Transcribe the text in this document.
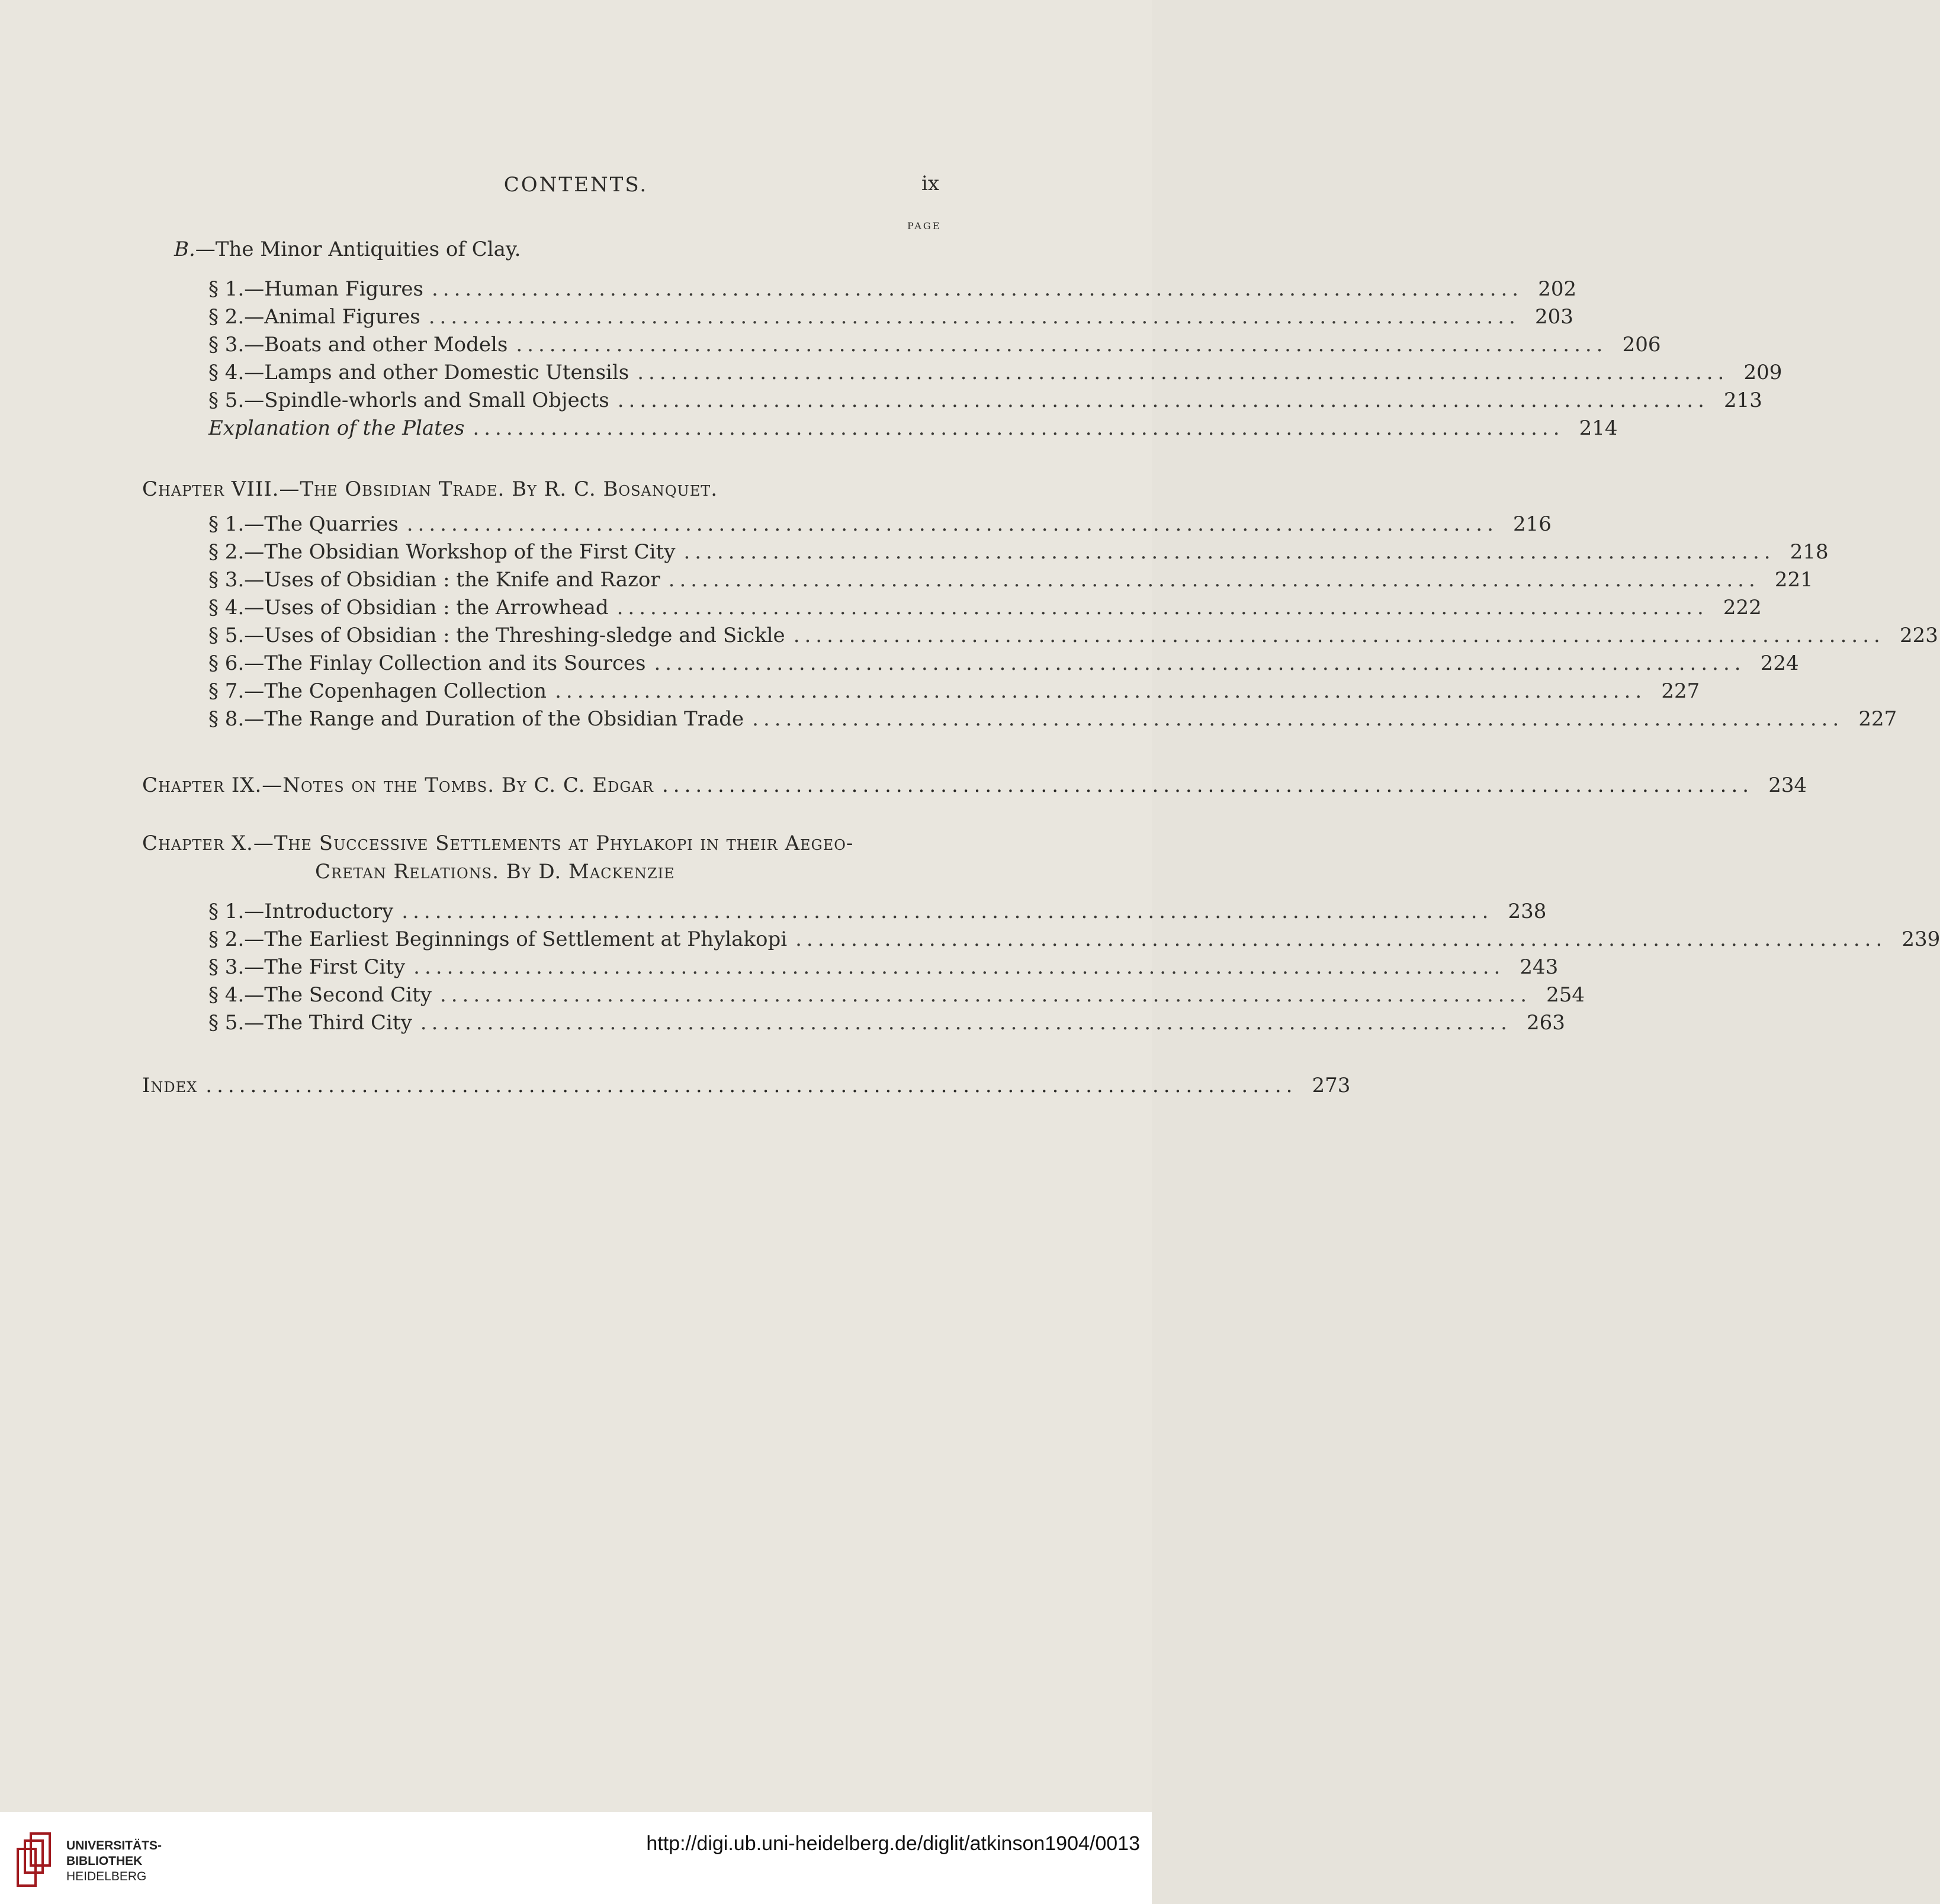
CONTENTS.	ix
PAGE
B.—The Minor Antiquities of Clay.
§ 1.—Human Figures .................................................................................................. 202
§ 2.—Animal Figures .................................................................................................. 203
§ 3.—Boats and other Models .................................................................................................. 206
§ 4.—Lamps and other Domestic Utensils .................................................................................................. 209
§ 5.—Spindle-whorls and Small Objects .................................................................................................. 213
Explanation of the Plates .................................................................................................. 214
Chapter VIII.—The Obsidian Trade. By R. C. Bosanquet.
§ 1.—The Quarries .................................................................................................. 216
§ 2.—The Obsidian Workshop of the First City .................................................................................................. 218
§ 3.—Uses of Obsidian : the Knife and Razor .................................................................................................. 221
§ 4.—Uses of Obsidian : the Arrowhead .................................................................................................. 222
§ 5.—Uses of Obsidian : the Threshing-sledge and Sickle .................................................................................................. 223
§ 6.—The Finlay Collection and its Sources .................................................................................................. 224
§ 7.—The Copenhagen Collection .................................................................................................. 227
§ 8.—The Range and Duration of the Obsidian Trade .................................................................................................. 227
Chapter IX.—Notes on the Tombs. By C. C. Edgar .................................................................................................. 234
Chapter X.—The Successive Settlements at Phylakopi in their Aegeo-
Cretan Relations. By D. Mackenzie
§ 1.—Introductory .................................................................................................. 238
§ 2.—The Earliest Beginnings of Settlement at Phylakopi .................................................................................................. 239
§ 3.—The First City .................................................................................................. 243
§ 4.—The Second City .................................................................................................. 254
§ 5.—The Third City .................................................................................................. 263
Index .................................................................................................. 273
UNIVERSITÄTS-
BIBLIOTHEK
HEIDELBERG
http://digi.ub.uni-heidelberg.de/diglit/atkinson1904/0013
